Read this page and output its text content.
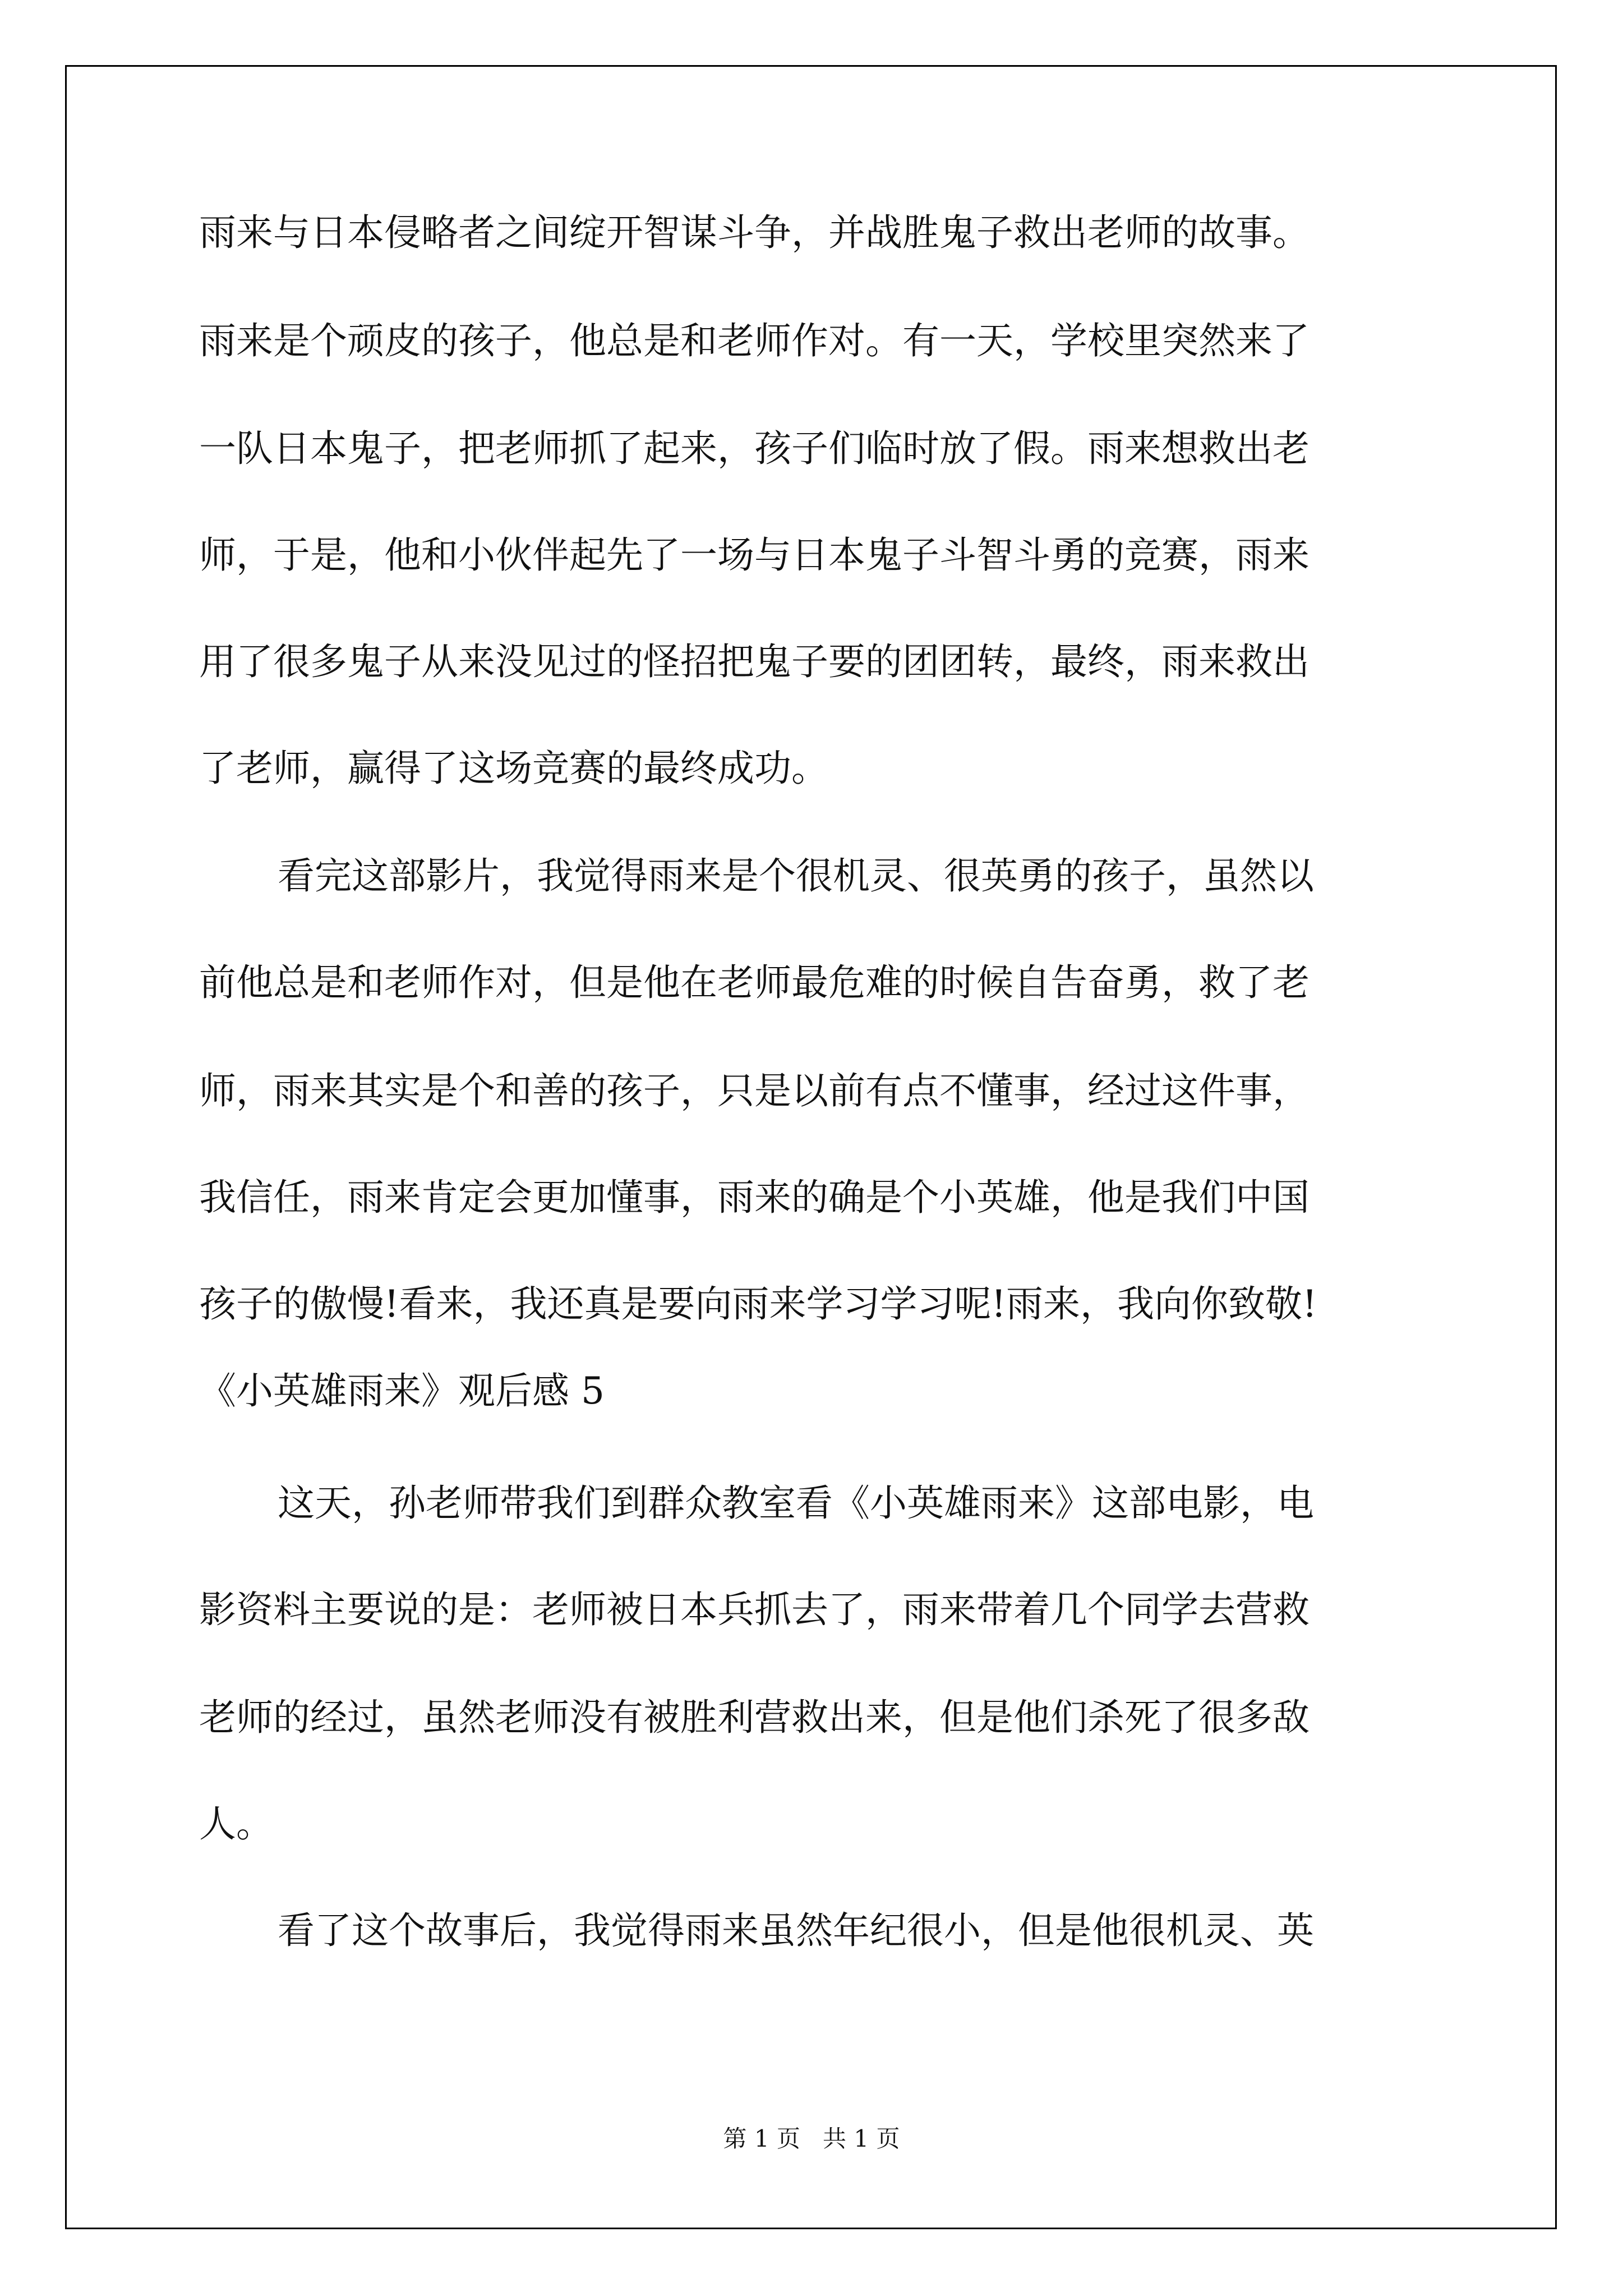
雨来与日本侵略者之间绽开智谋斗争，并战胜鬼子救出老师的故事。
雨来是个顽皮的孩子，他总是和老师作对。有一天，学校里突然来了
一队日本鬼子，把老师抓了起来，孩子们临时放了假。雨来想救出老
师，于是，他和小伙伴起先了一场与日本鬼子斗智斗勇的竞赛，雨来
用了很多鬼子从来没见过的怪招把鬼子要的团团转，最终，雨来救出
了老师，赢得了这场竞赛的最终成功。
看完这部影片，我觉得雨来是个很机灵、很英勇的孩子，虽然以
前他总是和老师作对，但是他在老师最危难的时候自告奋勇，救了老
师，雨来其实是个和善的孩子，只是以前有点不懂事，经过这件事，
我信任，雨来肯定会更加懂事，雨来的确是个小英雄，他是我们中国
孩子的傲慢!看来，我还真是要向雨来学习学习呢!雨来，我向你致敬!
《小英雄雨来》观后感 5
这天，孙老师带我们到群众教室看《小英雄雨来》这部电影，电
影资料主要说的是：老师被日本兵抓去了，雨来带着几个同学去营救
老师的经过，虽然老师没有被胜利营救出来，但是他们杀死了很多敌
人。
看了这个故事后，我觉得雨来虽然年纪很小，但是他很机灵、英
第 1 页   共 1 页
